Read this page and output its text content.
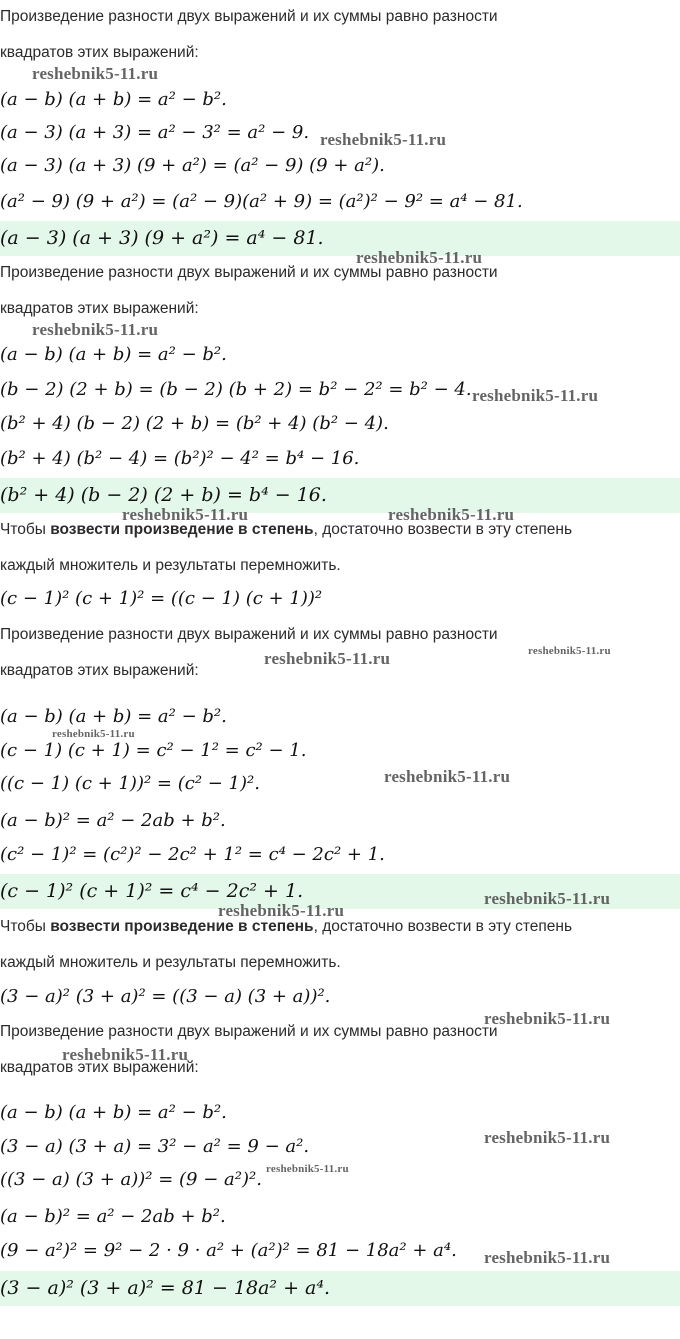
Произведение разности двух выражений и их суммы равно разности

квадратов этих выражений:

(a − b) (a + b) = a² − b².

(a − 3) (a + 3) = a² − 3² = a² − 9.

(a − 3) (a + 3) (9 + a²) = (a² − 9) (9 + a²).

(a² − 9) (9 + a²) = (a² − 9)(a² + 9) = (a²)² − 9² = a⁴ − 81.

(a − 3) (a + 3) (9 + a²) = a⁴ − 81.

Произведение разности двух выражений и их суммы равно разности

квадратов этих выражений:

(a − b) (a + b) = a² − b².

(b − 2) (2 + b) = (b − 2) (b + 2) = b² − 2² = b² − 4.

(b² + 4) (b − 2) (2 + b) = (b² + 4) (b² − 4).

(b² + 4) (b² − 4) = (b²)² − 4² = b⁴ − 16.

(b² + 4) (b − 2) (2 + b) = b⁴ − 16.

Чтобы возвести произведение в степень, достаточно возвести в эту степень

каждый множитель и результаты перемножить.

(c − 1)² (c + 1)² = ((c − 1) (c + 1))²

Произведение разности двух выражений и их суммы равно разности

квадратов этих выражений:

(a − b) (a + b) = a² − b².

(c − 1) (c + 1) = c² − 1² = c² − 1.

((c − 1) (c + 1))² = (c² − 1)².

(a − b)² = a² − 2ab + b².

(c² − 1)² = (c²)² − 2c² + 1² = c⁴ − 2c² + 1.

(c − 1)² (c + 1)² = c⁴ − 2c² + 1.

Чтобы возвести произведение в степень, достаточно возвести в эту степень

каждый множитель и результаты перемножить.

(3 − a)² (3 + a)² = ((3 − a) (3 + a))².

Произведение разности двух выражений и их суммы равно разности

квадратов этих выражений:

(a − b) (a + b) = a² − b².

(3 − a) (3 + a) = 3² − a² = 9 − a².

((3 − a) (3 + a))² = (9 − a²)².

(a − b)² = a² − 2ab + b².

(9 − a²)² = 9² − 2 · 9 · a² + (a²)² = 81 − 18a² + a⁴.

(3 − a)² (3 + a)² = 81 − 18a² + a⁴.

reshebnik5-11.ru
reshebnik5-11.ru
reshebnik5-11.ru
reshebnik5-11.ru
reshebnik5-11.ru
reshebnik5-11.ru	reshebnik5-11.ru
reshebnik5-11.ru	reshebnik5-11.ru
reshebnik5-11.ru
reshebnik5-11.ru
reshebnik5-11.ru
reshebnik5-11.ru
reshebnik5-11.ru
reshebnik5-11.ru
reshebnik5-11.ru
reshebnik5-11.ru
reshebnik5-11.ru
